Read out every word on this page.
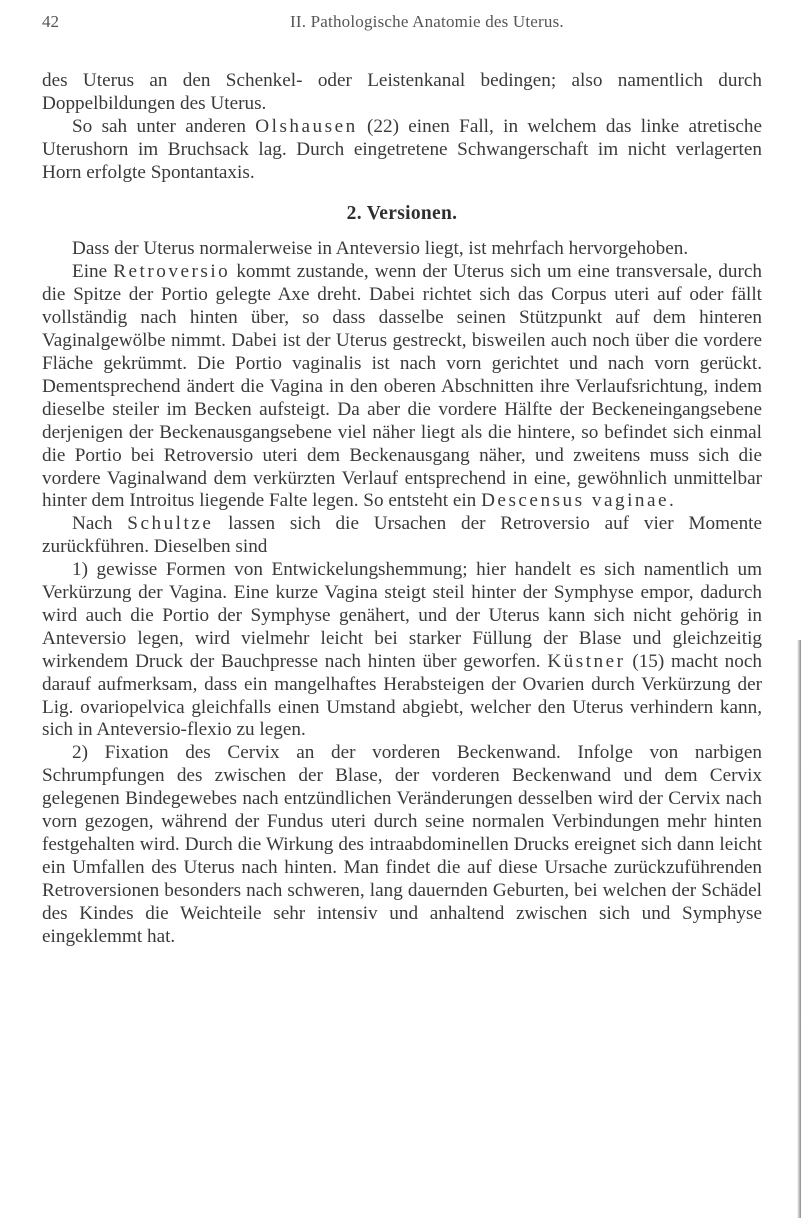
42	II. Pathologische Anatomie des Uterus.

des Uterus an den Schenkel- oder Leistenkanal bedingen; also namentlich durch Doppelbildungen des Uterus.

So sah unter anderen Olshausen (22) einen Fall, in welchem das linke atretische Uterushorn im Bruchsack lag. Durch eingetretene Schwangerschaft im nicht verlagerten Horn erfolgte Spontantaxis.

2. Versionen.

Dass der Uterus normalerweise in Anteversio liegt, ist mehrfach hervorgehoben.

Eine Retroversio kommt zustande, wenn der Uterus sich um eine transversale, durch die Spitze der Portio gelegte Axe dreht. Dabei richtet sich das Corpus uteri auf oder fällt vollständig nach hinten über, so dass dasselbe seinen Stützpunkt auf dem hinteren Vaginalgewölbe nimmt. Dabei ist der Uterus gestreckt, bisweilen auch noch über die vordere Fläche gekrümmt. Die Portio vaginalis ist nach vorn gerichtet und nach vorn gerückt. Dementsprechend ändert die Vagina in den oberen Abschnitten ihre Verlaufsrichtung, indem dieselbe steiler im Becken aufsteigt. Da aber die vordere Hälfte der Beckeneingangsebene derjenigen der Beckenausgangsebene viel näher liegt als die hintere, so befindet sich einmal die Portio bei Retroversio uteri dem Beckenausgang näher, und zweitens muss sich die vordere Vaginalwand dem verkürzten Verlauf entsprechend in eine, gewöhnlich unmittelbar hinter dem Introitus liegende Falte legen. So entsteht ein Descensus vaginae.

Nach Schultze lassen sich die Ursachen der Retroversio auf vier Momente zurückführen. Dieselben sind

1) gewisse Formen von Entwickelungshemmung; hier handelt es sich namentlich um Verkürzung der Vagina. Eine kurze Vagina steigt steil hinter der Symphyse empor, dadurch wird auch die Portio der Symphyse genähert, und der Uterus kann sich nicht gehörig in Anteversio legen, wird vielmehr leicht bei starker Füllung der Blase und gleichzeitig wirkendem Druck der Bauchpresse nach hinten über geworfen. Küstner (15) macht noch darauf aufmerksam, dass ein mangelhaftes Herabsteigen der Ovarien durch Verkürzung der Lig. ovariopelvica gleichfalls einen Umstand abgiebt, welcher den Uterus verhindern kann, sich in Anteversio-flexio zu legen.

2) Fixation des Cervix an der vorderen Beckenwand. Infolge von narbigen Schrumpfungen des zwischen der Blase, der vorderen Beckenwand und dem Cervix gelegenen Bindegewebes nach entzündlichen Veränderungen desselben wird der Cervix nach vorn gezogen, während der Fundus uteri durch seine normalen Verbindungen mehr hinten festgehalten wird. Durch die Wirkung des intraabdominellen Drucks ereignet sich dann leicht ein Umfallen des Uterus nach hinten. Man findet die auf diese Ursache zurückzuführenden Retroversionen besonders nach schweren, lang dauernden Geburten, bei welchen der Schädel des Kindes die Weichteile sehr intensiv und anhaltend zwischen sich und Symphyse eingeklemmt hat.
